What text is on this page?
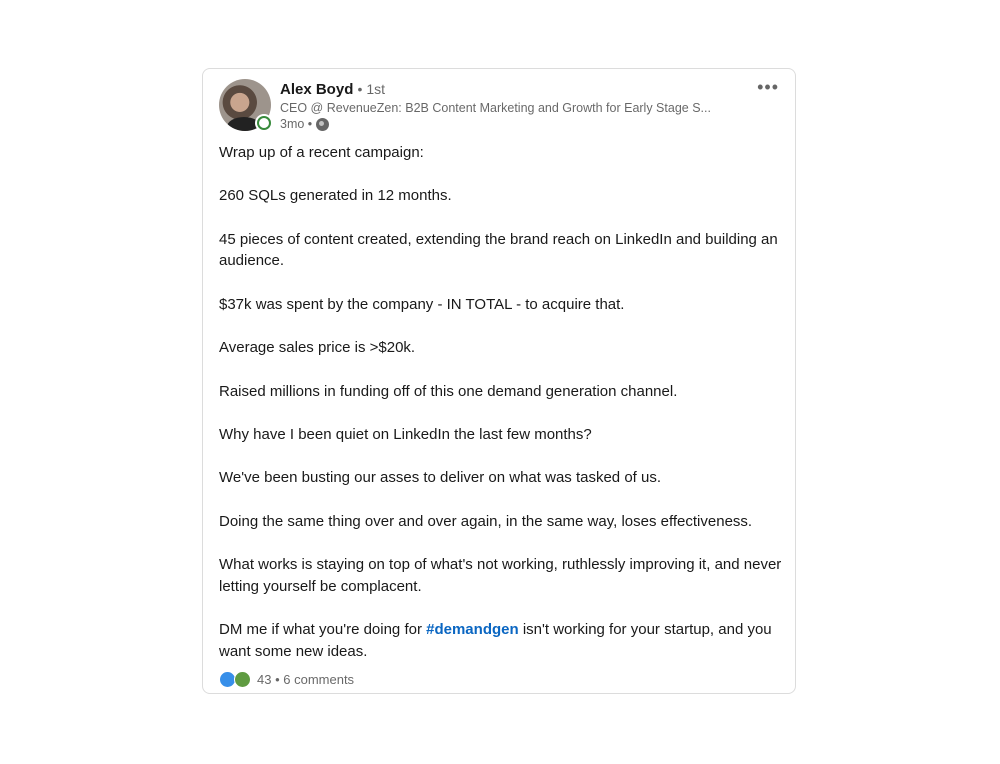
Alex Boyd • 1st
CEO @ RevenueZen: B2B Content Marketing and Growth for Early Stage S...
3mo •
•••

Wrap up of a recent campaign:

260 SQLs generated in 12 months.

45 pieces of content created, extending the brand reach on LinkedIn and building an audience.

$37k was spent by the company - IN TOTAL - to acquire that.

Average sales price is >$20k.

Raised millions in funding off of this one demand generation channel.

Why have I been quiet on LinkedIn the last few months?

We've been busting our asses to deliver on what was tasked of us.

Doing the same thing over and over again, in the same way, loses effectiveness.

What works is staying on top of what's not working, ruthlessly improving it, and never letting yourself be complacent.

DM me if what you're doing for #demandgen isn't working for your startup, and you want some new ideas.

43 • 6 comments
